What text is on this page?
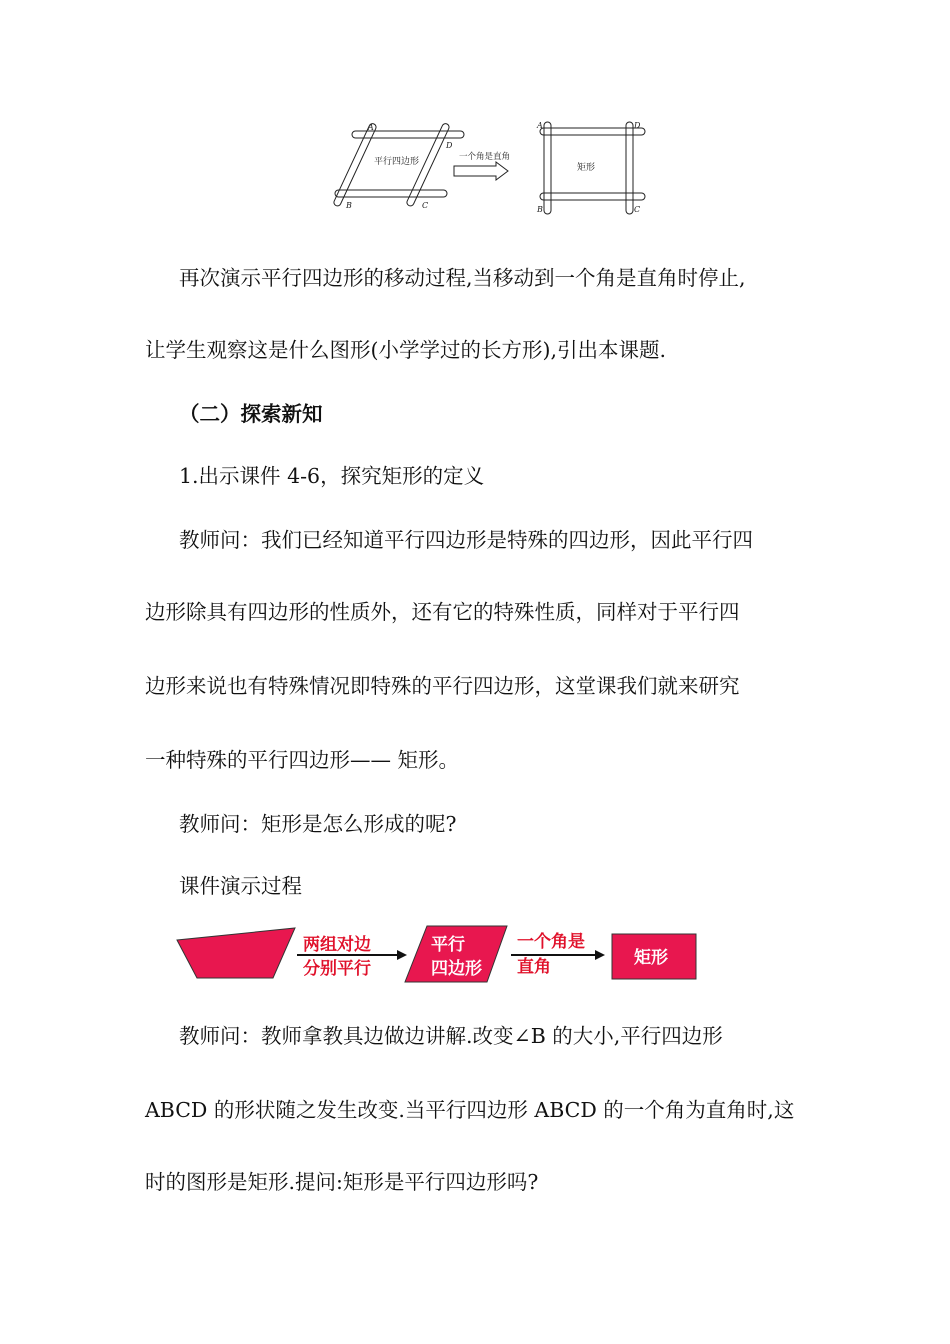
平行四边形	一个角是直角
矩形
A
D
B	C
A	D
B	C
再次演示平行四边形的移动过程,当移动到一个角是直角时停止,
让学生观察这是什么图形(小学学过的长方形),引出本课题.
（二）探索新知
1.出示课件 4-6，探究矩形的定义
教师问：我们已经知道平行四边形是特殊的四边形，因此平行四
边形除具有四边形的性质外，还有它的特殊性质，同样对于平行四
边形来说也有特殊情况即特殊的平行四边形，这堂课我们就来研究
一种特殊的平行四边形—— 矩形。
教师问：矩形是怎么形成的呢?
课件演示过程
两组对边
分别平行
平行
四边形
一个角是
直角	矩形
教师问：教师拿教具边做边讲解.改变∠B 的大小,平行四边形
ABCD 的形状随之发生改变.当平行四边形 ABCD 的一个角为直角时,这
时的图形是矩形.提问:矩形是平行四边形吗?
